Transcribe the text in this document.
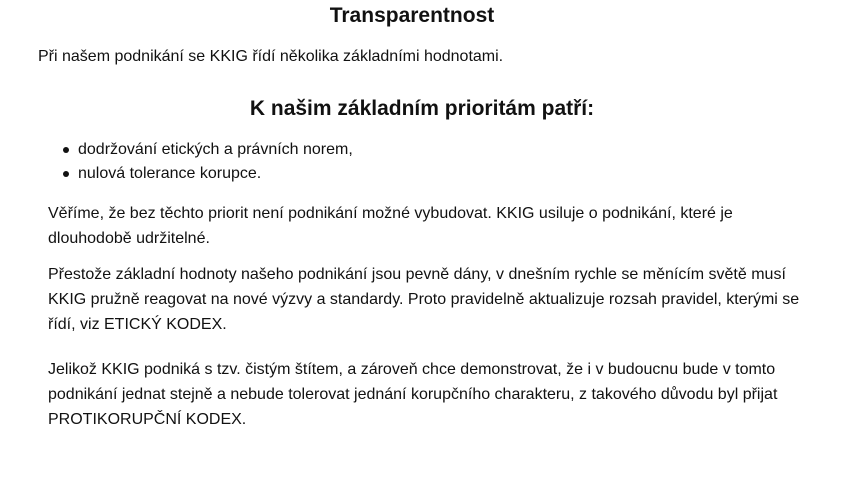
Transparentnost

Při našem podnikání se KKIG řídí několika základními hodnotami.

K našim základním prioritám patří:
dodržování etických a právních norem,
nulová tolerance korupce.

Věříme, že bez těchto priorit není podnikání možné vybudovat. KKIG usiluje o podnikání, které je dlouhodobě udržitelné.

Přestože základní hodnoty našeho podnikání jsou pevně dány, v dnešním rychle se měnícím světě musí KKIG pružně reagovat na nové výzvy a standardy. Proto pravidelně aktualizuje rozsah pravidel, kterými se řídí, viz ETICKÝ KODEX.

Jelikož KKIG podniká s tzv. čistým štítem, a zároveň chce demonstrovat, že i v budoucnu bude v tomto podnikání jednat stejně a nebude tolerovat jednání korupčního charakteru, z takového důvodu byl přijat PROTIKORUPČNÍ KODEX.
